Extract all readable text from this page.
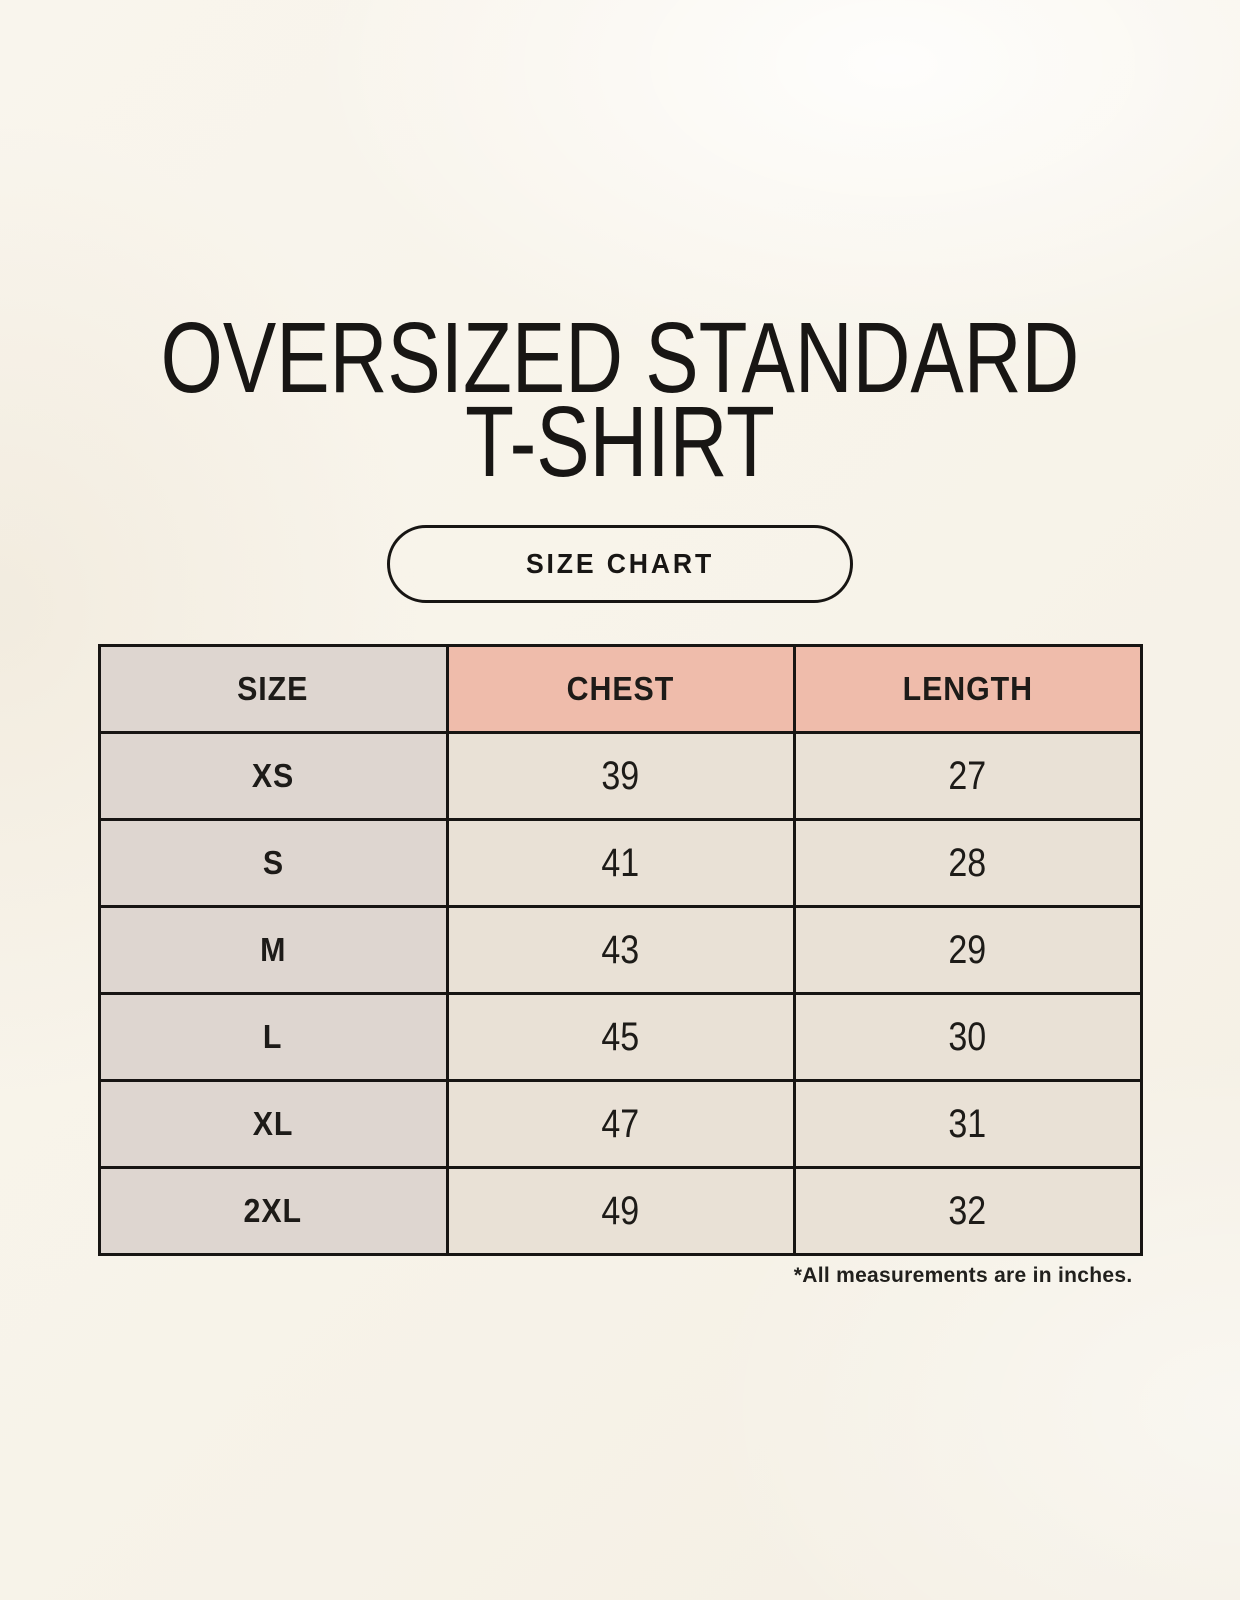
OVERSIZED STANDARD
T-SHIRT
SIZE CHART
SIZE	CHEST	LENGTH
XS	39	27
S	41	28
M	43	29
L	45	30
XL	47	31
2XL	49	32
*All measurements are in inches.
